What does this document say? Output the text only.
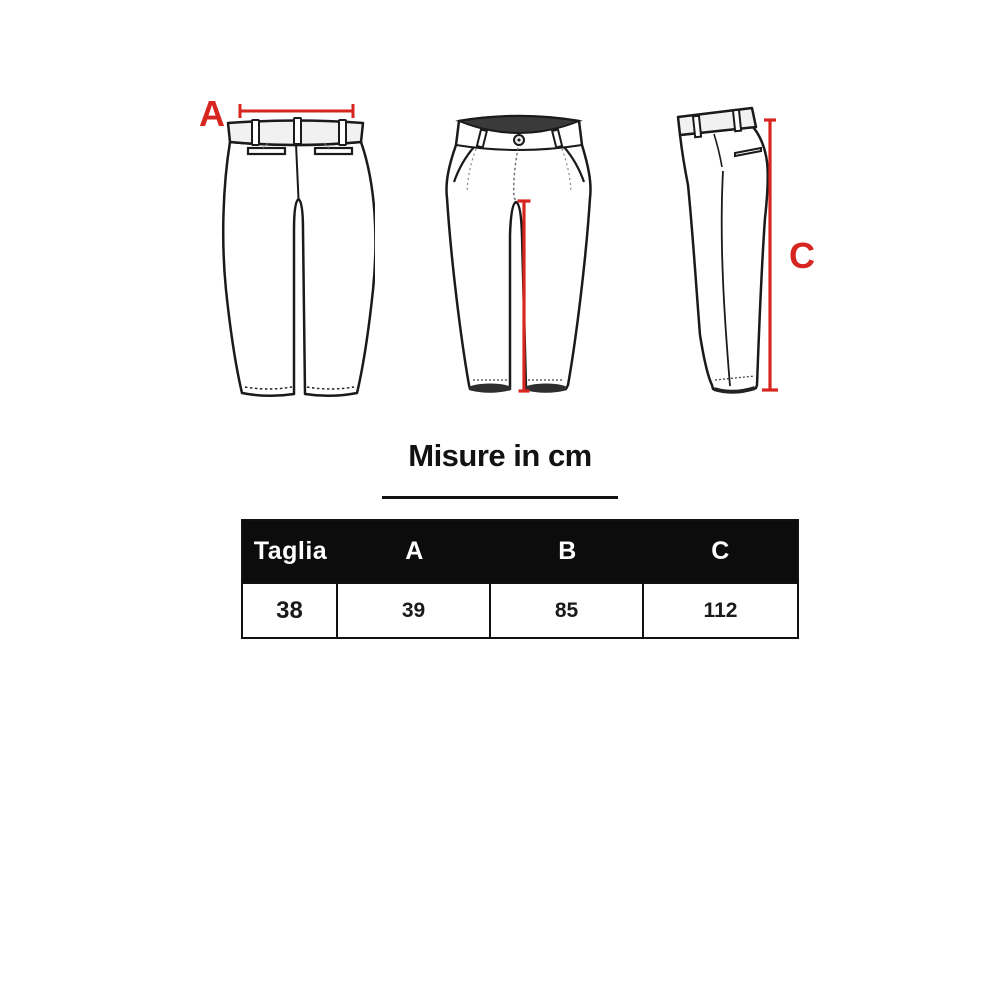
A
C
Misure in cm
Taglia	A	B	C
38	39	85	112
